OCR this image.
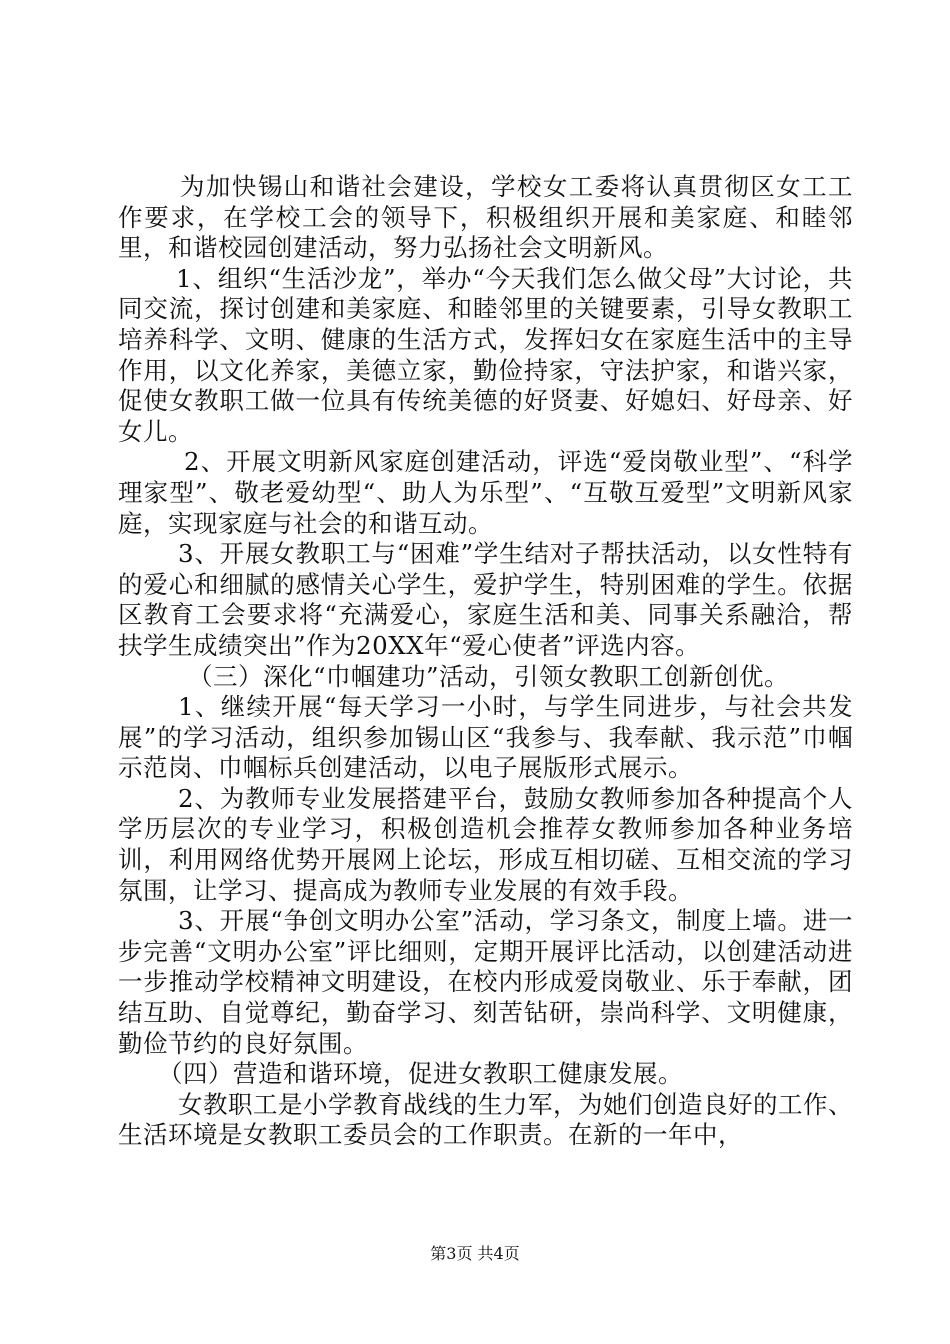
为加快锡山和谐社会建设，学校女工委将认真贯彻区女工工作要求，在学校工会的领导下，积极组织开展和美家庭、和睦邻里，和谐校园创建活动，努力弘扬社会文明新风。

1、组织“生活沙龙”，举办“今天我们怎么做父母”大讨论，共同交流，探讨创建和美家庭、和睦邻里的关键要素，引导女教职工培养科学、文明、健康的生活方式，发挥妇女在家庭生活中的主导作用，以文化养家，美德立家，勤俭持家，守法护家，和谐兴家，促使女教职工做一位具有传统美德的好贤妻、好媳妇、好母亲、好女儿。

2、开展文明新风家庭创建活动，评选“爱岗敬业型”、“科学理家型”、敬老爱幼型“、助人为乐型”、“互敬互爱型”文明新风家庭，实现家庭与社会的和谐互动。

3、开展女教职工与“困难”学生结对子帮扶活动，以女性特有的爱心和细腻的感情关心学生，爱护学生，特别困难的学生。依据区教育工会要求将“充满爱心，家庭生活和美、同事关系融洽，帮扶学生成绩突出”作为20XX年“爱心使者”评选内容。

（三）深化“巾帼建功”活动，引领女教职工创新创优。

1、继续开展“每天学习一小时，与学生同进步，与社会共发展”的学习活动，组织参加锡山区“我参与、我奉献、我示范”巾帼示范岗、巾帼标兵创建活动，以电子展版形式展示。

2、为教师专业发展搭建平台，鼓励女教师参加各种提高个人学历层次的专业学习，积极创造机会推荐女教师参加各种业务培训，利用网络优势开展网上论坛，形成互相切磋、互相交流的学习氛围，让学习、提高成为教师专业发展的有效手段。

3、开展“争创文明办公室”活动，学习条文，制度上墙。进一步完善“文明办公室”评比细则，定期开展评比活动，以创建活动进一步推动学校精神文明建设，在校内形成爱岗敬业、乐于奉献，团结互助、自觉尊纪，勤奋学习、刻苦钻研，崇尚科学、文明健康，勤俭节约的良好氛围。

（四）营造和谐环境，促进女教职工健康发展。

女教职工是小学教育战线的生力军，为她们创造良好的工作、生活环境是女教职工委员会的工作职责。在新的一年中，

第3页 共4页
